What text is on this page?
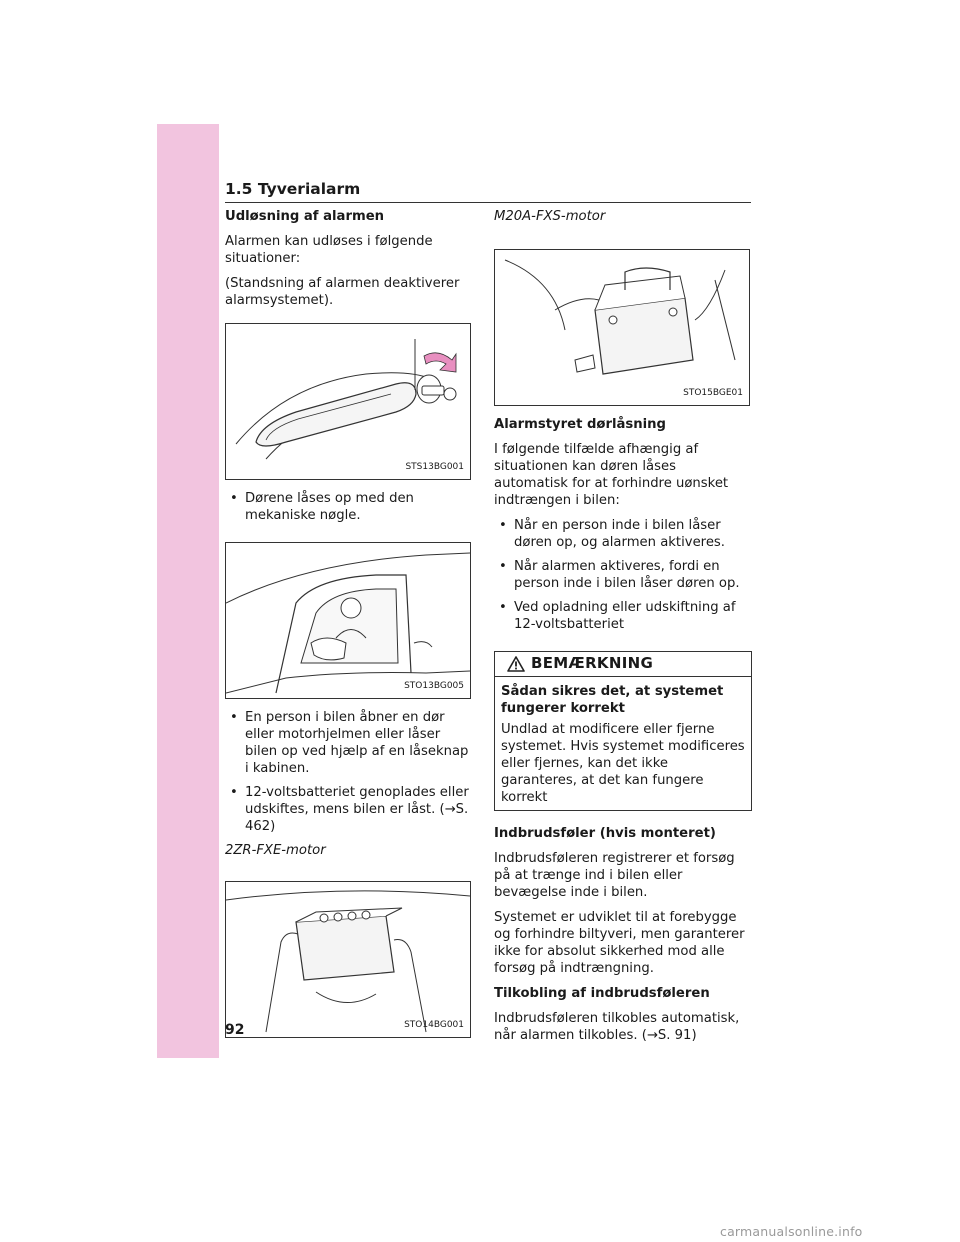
1.5 Tyverialarm
Udløsning af alarmen

Alarmen kan udløses i følgende situationer:

(Standsning af alarmen deaktiverer alarmsystemet).

STS13BG001
• Dørene låses op med den mekaniske nøgle.
STO13BG005
• En person i bilen åbner en dør eller motorhjelmen eller låser bilen op ved hjælp af en låseknap i kabinen.
• 12-voltsbatteriet genoplades eller udskiftes, mens bilen er låst. (→S. 462)

2ZR-FXE-motor

STO14BG001

M20A-FXS-motor

STO15BGE01
Alarmstyret dørlåsning

I følgende tilfælde afhængig af situationen kan døren låses automatisk for at forhindre uønsket indtrængen i bilen:

• Når en person inde i bilen låser døren op, og alarmen aktiveres.
• Når alarmen aktiveres, fordi en person inde i bilen låser døren op.
• Ved opladning eller udskiftning af 12-voltsbatteriet
BEMÆRKNING
Sådan sikres det, at systemet fungerer korrekt

Undlad at modificere eller fjerne systemet. Hvis systemet modificeres eller fjernes, kan det ikke garanteres, at det kan fungere korrekt

Indbrudsføler (hvis monteret)

Indbrudsføleren registrerer et forsøg på at trænge ind i bilen eller bevægelse inde i bilen.

Systemet er udviklet til at forebygge og forhindre biltyveri, men garanterer ikke for absolut sikkerhed mod alle forsøg på indtrængning.

Tilkobling af indbrudsføleren

Indbrudsføleren tilkobles automatisk, når alarmen tilkobles. (→S. 91)

92
carmanualsonline.info
